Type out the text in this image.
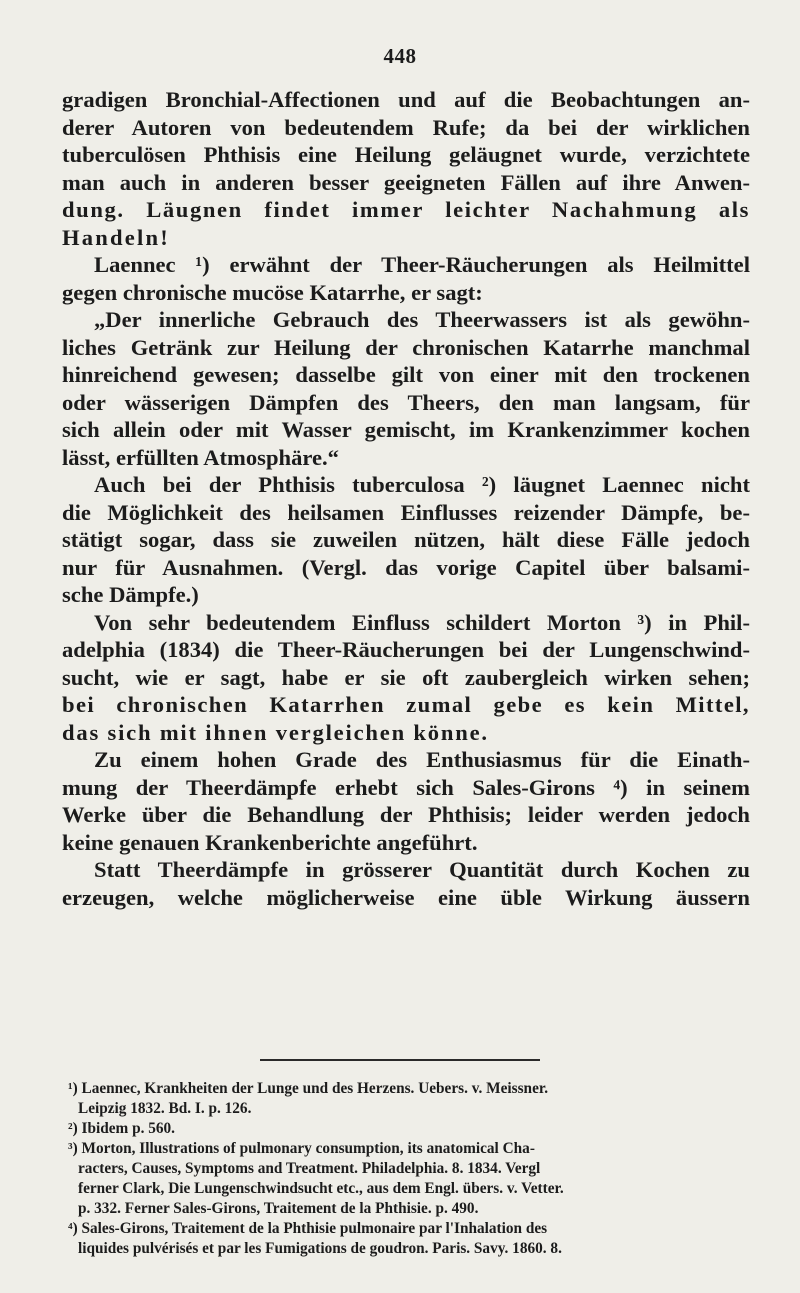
448
gradigen Bronchial-Affectionen und auf die Beobachtungen an-
derer Autoren von bedeutendem Rufe; da bei der wirklichen
tuberculösen Phthisis eine Heilung geläugnet wurde, verzichtete
man auch in anderen besser geeigneten Fällen auf ihre Anwen-
dung. Läugnen findet immer leichter Nachahmung als
Handeln!
Laennec ¹) erwähnt der Theer-Räucherungen als Heilmittel
gegen chronische mucöse Katarrhe, er sagt:
„Der innerliche Gebrauch des Theerwassers ist als gewöhn-
liches Getränk zur Heilung der chronischen Katarrhe manchmal
hinreichend gewesen; dasselbe gilt von einer mit den trockenen
oder wässerigen Dämpfen des Theers, den man langsam, für
sich allein oder mit Wasser gemischt, im Krankenzimmer kochen
lässt, erfüllten Atmosphäre.“
Auch bei der Phthisis tuberculosa ²) läugnet Laennec nicht
die Möglichkeit des heilsamen Einflusses reizender Dämpfe, be-
stätigt sogar, dass sie zuweilen nützen, hält diese Fälle jedoch
nur für Ausnahmen. (Vergl. das vorige Capitel über balsami-
sche Dämpfe.)
Von sehr bedeutendem Einfluss schildert Morton ³) in Phil-
adelphia (1834) die Theer-Räucherungen bei der Lungenschwind-
sucht, wie er sagt, habe er sie oft zaubergleich wirken sehen;
bei chronischen Katarrhen zumal gebe es kein Mittel,
das sich mit ihnen vergleichen könne.
Zu einem hohen Grade des Enthusiasmus für die Einath-
mung der Theerdämpfe erhebt sich Sales-Girons ⁴) in seinem
Werke über die Behandlung der Phthisis; leider werden jedoch
keine genauen Krankenberichte angeführt.
Statt Theerdämpfe in grösserer Quantität durch Kochen zu
erzeugen, welche möglicherweise eine üble Wirkung äussern
¹) Laennec, Krankheiten der Lunge und des Herzens. Uebers. v. Meissner.
Leipzig 1832. Bd. I. p. 126.
²) Ibidem p. 560.
³) Morton, Illustrations of pulmonary consumption, its anatomical Cha-
racters, Causes, Symptoms and Treatment. Philadelphia. 8. 1834. Vergl
ferner Clark, Die Lungenschwindsucht etc., aus dem Engl. übers. v. Vetter.
p. 332. Ferner Sales-Girons, Traitement de la Phthisie. p. 490.
⁴) Sales-Girons, Traitement de la Phthisie pulmonaire par l'Inhalation des
liquides pulvérisés et par les Fumigations de goudron. Paris. Savy. 1860. 8.
